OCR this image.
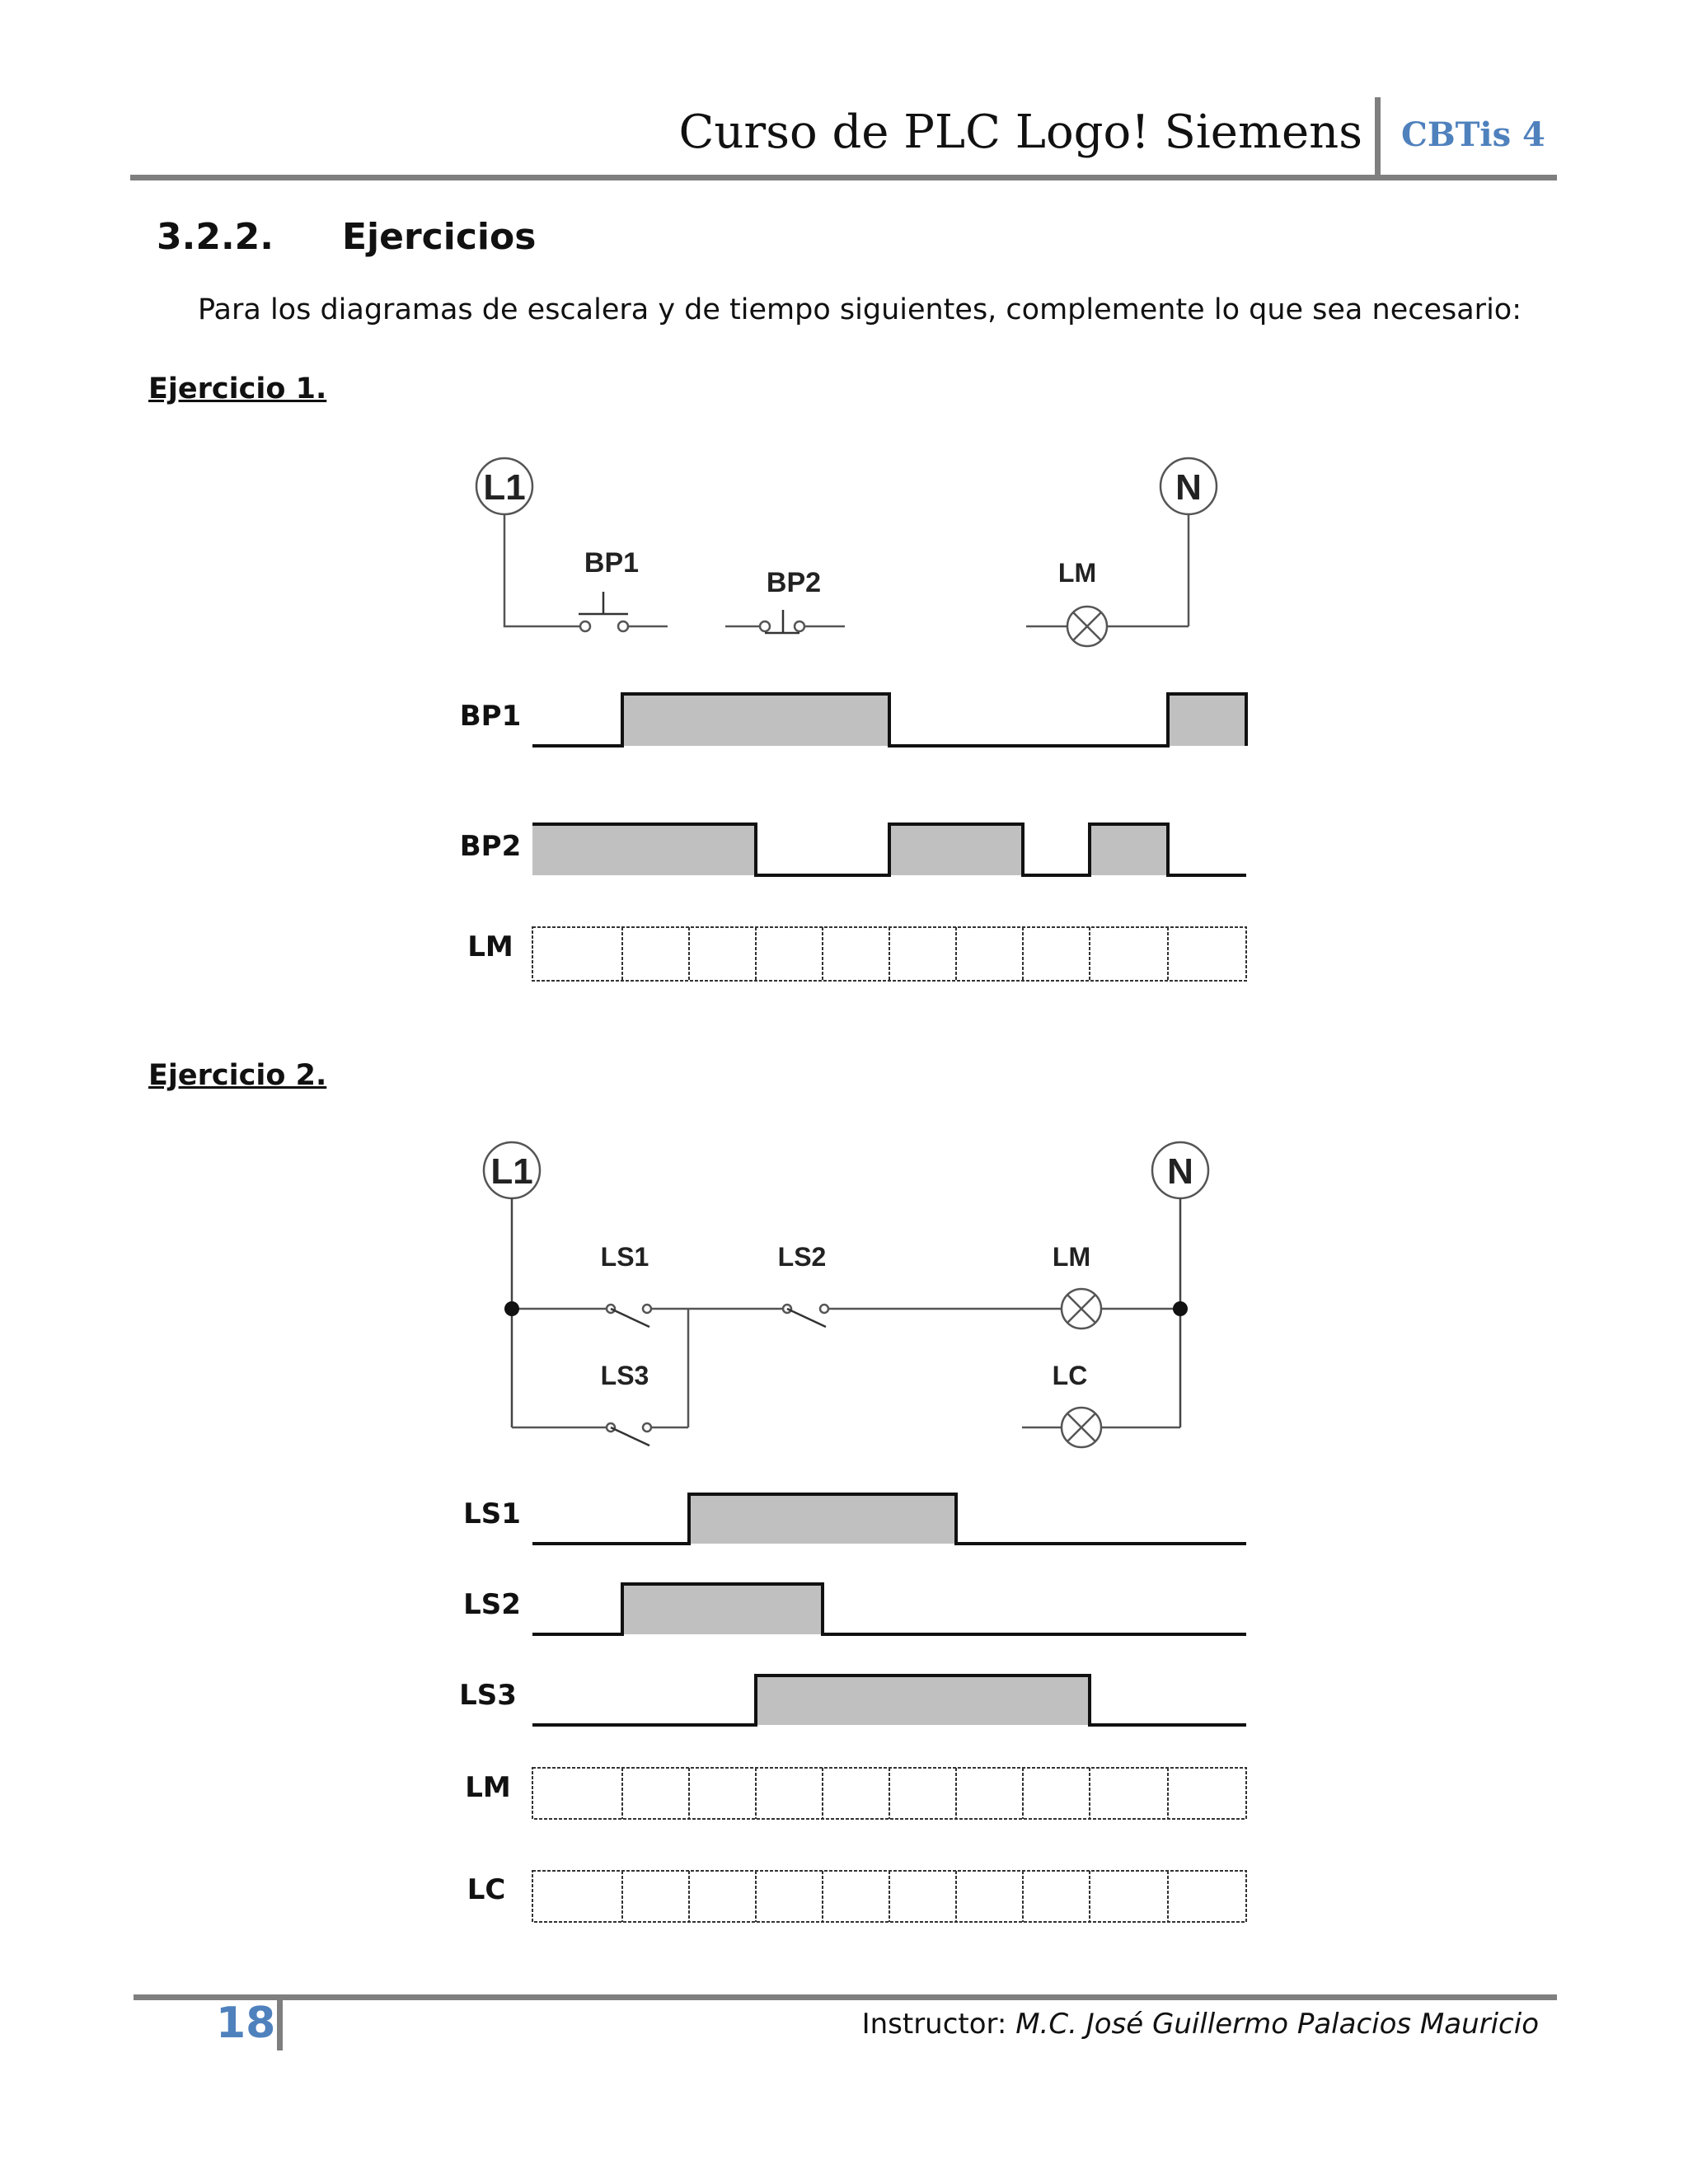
Curso de PLC Logo! Siemens CBTis 4
3.2.2. Ejercicios
Para los diagramas de escalera y de tiempo siguientes, complemente lo que sea necesario:
Ejercicio 1.
Ejercicio 2.
L1	N
BP1
BP2	LM
BP1
BP2
LM
L1	N
LS1	LS2
LS3
LM
LC
LS1
LS2
LS3
LM
LC
18	Instructor: M.C. José Guillermo Palacios Mauricio
